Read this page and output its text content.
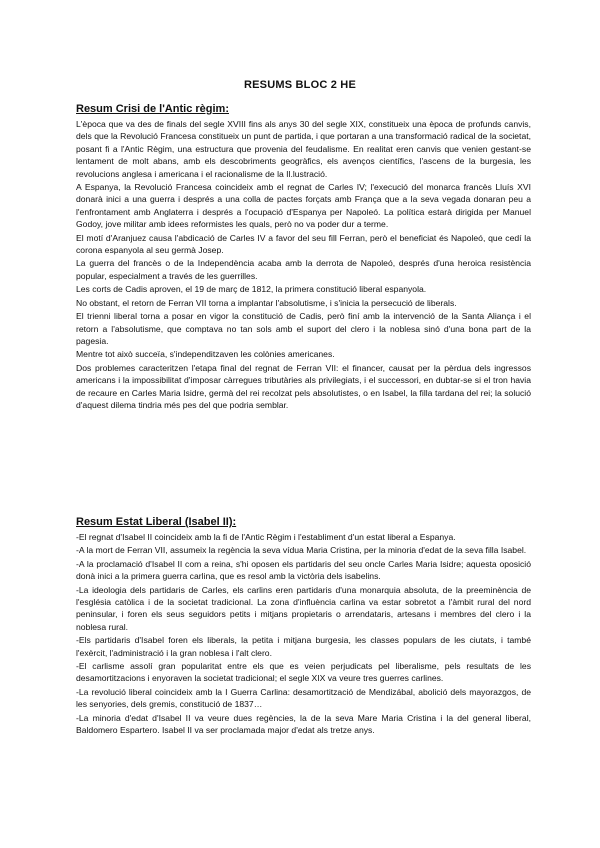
RESUMS BLOC 2 HE
Resum Crisi de l'Antic règim:

L'època que va des de finals del segle XVIII fins als anys 30 del segle XIX, constitueix una època de profunds canvis, dels que la Revolució Francesa constitueix un punt de partida, i que portaran a una transformació radical de la societat, posant fi a l'Antic Règim, una estructura que provenia del feudalisme. En realitat eren canvis que venien gestant-se lentament de molt abans, amb els descobriments geogràfics, els avenços científics, l'ascens de la burgesia, les revolucions anglesa i americana i el racionalisme de la Il.lustració.

A Espanya, la Revolució Francesa coincideix amb el regnat de Carles IV; l'execució del monarca francès Lluís XVI donarà inici a una guerra i després a una colla de pactes forçats amb França que a la seva vegada donaran peu a l'enfrontament amb Anglaterra i després a l'ocupació d'Espanya per Napoleó. La política estarà dirigida per Manuel Godoy, jove militar amb idees reformistes les quals, però no va poder dur a terme.

El motí d'Aranjuez causa l'abdicació de Carles IV a favor del seu fill Ferran, però el beneficiat és Napoleó, que cedí la corona espanyola al seu germà Josep.

La guerra del francès o de la Independència acaba amb la derrota de Napoleó, després d'una heroica resistència popular, especialment a través de les guerrilles.

Les corts de Cadis aproven, el 19 de març de 1812, la primera constitució liberal espanyola.

No obstant, el retorn de Ferran VII torna a implantar l'absolutisme, i s'inicia la persecució de liberals.

El trienni liberal torna a posar en vigor la constitució de Cadis, però finí amb la intervenció de la Santa Aliança i el retorn a l'absolutisme, que comptava no tan sols amb el suport del clero i la noblesa sinó d'una bona part de la pagesia.

Mentre tot això succeïa, s'independitzaven les colònies americanes.

Dos problemes caracteritzen l'etapa final del regnat de Ferran VII: el financer, causat per la pèrdua dels ingressos americans i la impossibilitat d'imposar càrregues tributàries als privilegiats, i el successori, en dubtar-se si el tron havia de recaure en Carles Maria Isidre, germà del rei recolzat pels absolutistes, o en Isabel, la filla tardana del rei; la solució d'aquest dilema tindria més pes del que podria semblar.

Resum Estat Liberal (Isabel II):

-El regnat d'Isabel II coincideix amb la fi de l'Antic Règim i l'establiment d'un estat liberal a Espanya.

-A la mort de Ferran VII, assumeix la regència la seva vídua Maria Cristina, per la minoria d'edat de la seva filla Isabel.

-A la proclamació d'Isabel II com a reina, s'hi oposen els partidaris del seu oncle Carles Maria Isidre; aquesta oposició donà inici a la primera guerra carlina, que es resol amb la victòria dels isabelins.

-La ideologia dels partidaris de Carles, els carlins eren partidaris d'una monarquia absoluta, de la preeminència de l'església catòlica i de la societat tradicional. La zona d'influència carlina va estar sobretot a l'àmbit rural del nord peninsular, i foren els seus seguidors petits i mitjans propietaris o arrendataris, artesans i membres del clero i la noblesa rural.

-Els partidaris d'Isabel foren els liberals, la petita i mitjana burgesia, les classes populars de les ciutats, i també l'exèrcit, l'administració i la gran noblesa i l'alt clero.

-El carlisme assolí gran popularitat entre els que es veien perjudicats pel liberalisme, pels resultats de les desamortitzacions i enyoraven la societat tradicional; el segle XIX va veure tres guerres carlines.

-La revolució liberal coincideix amb la I Guerra Carlina: desamortització de Mendizábal, abolició dels mayorazgos, de les senyories, dels gremis, constitució de 1837…

-La minoria d'edat d'Isabel II va veure dues regències, la de la seva Mare Maria Cristina i la del general liberal, Baldomero Espartero. Isabel II va ser proclamada major d'edat als tretze anys.
